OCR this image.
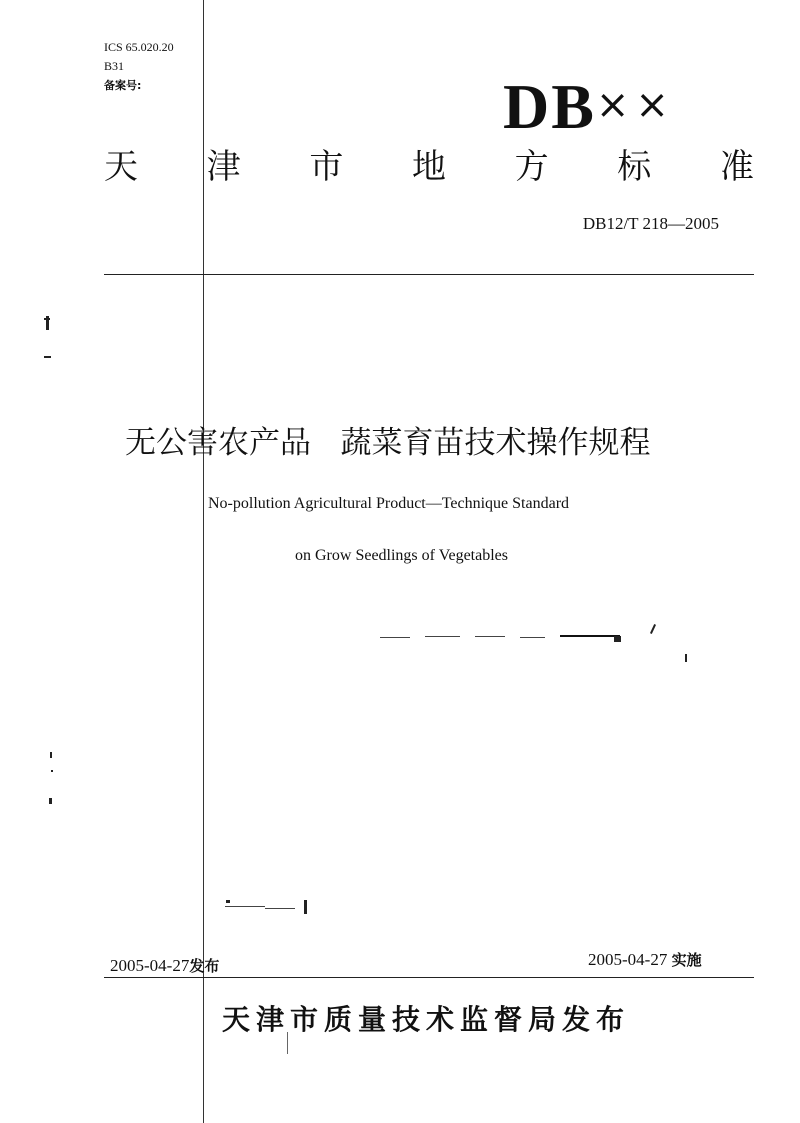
ICS 65.020.20
B31
备案号:	DB××
天 津 市 地 方 标 准
DB12/T 218—2005
无公害农产品   蔬菜育苗技术操作规程
No-pollution Agricultural Product—Technique Standard
on Grow Seedlings of Vegetables
2005-04-27发布	2005-04-27 实施
天津市质量技术监督局发布
